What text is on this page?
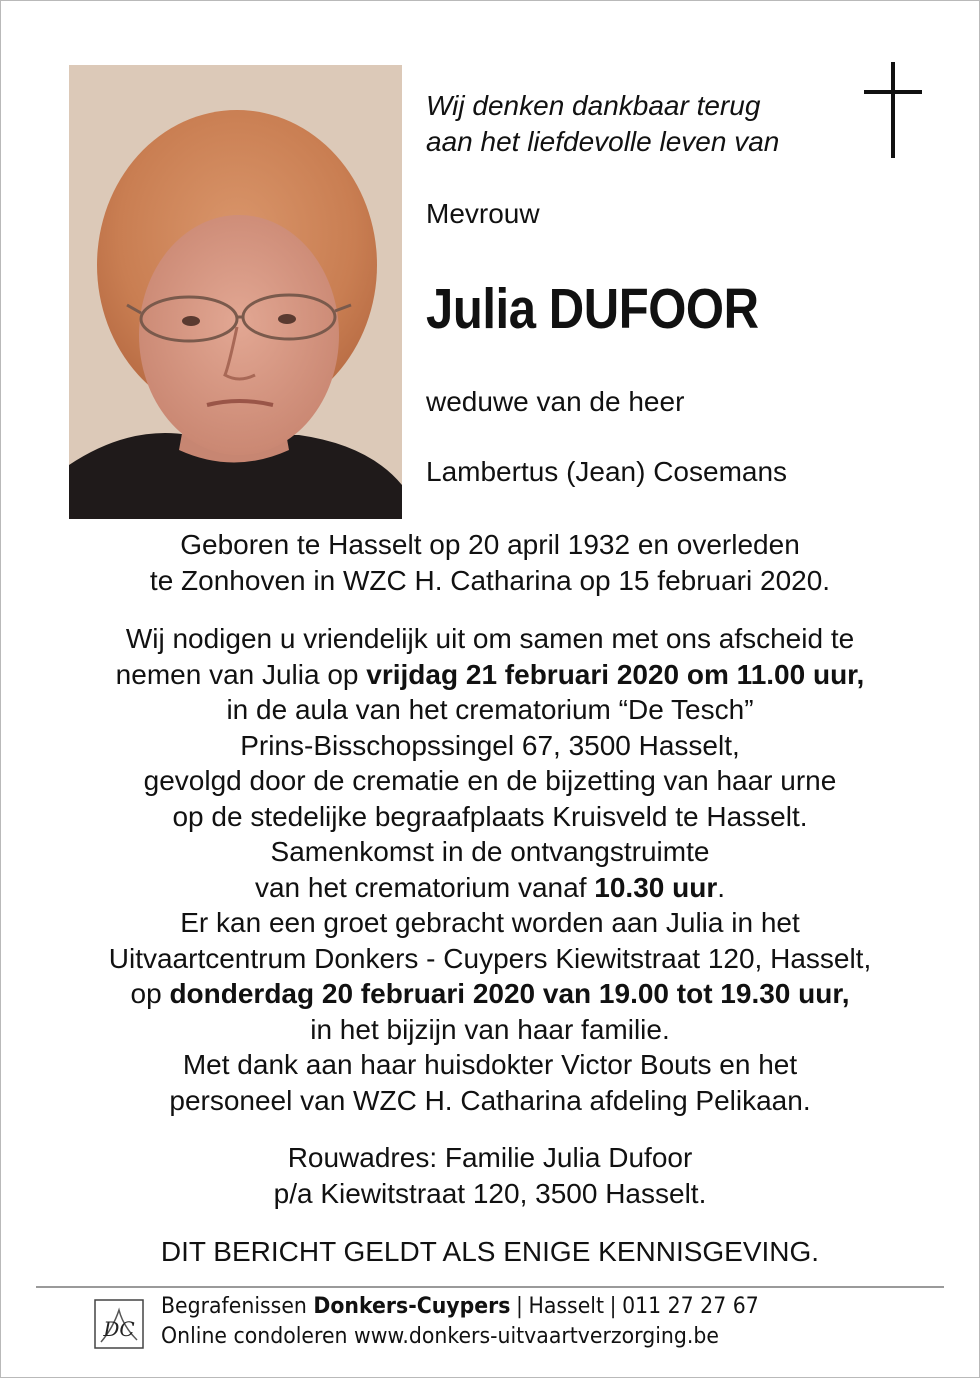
Wij denken dankbaar terug
aan het liefdevolle leven van
Mevrouw
Julia DUFOOR
weduwe van de heer
Lambertus (Jean) Cosemans
Geboren te Hasselt op 20 april 1932 en overleden
te Zonhoven in WZC H. Catharina op 15 februari 2020.
Wij nodigen u vriendelijk uit om samen met ons afscheid te
nemen van Julia op vrijdag 21 februari 2020 om 11.00 uur,
in de aula van het crematorium “De Tesch”
Prins-Bisschopssingel 67, 3500 Hasselt,
gevolgd door de crematie en de bijzetting van haar urne
op de stedelijke begraafplaats Kruisveld te Hasselt.
Samenkomst in de ontvangstruimte
van het crematorium vanaf 10.30 uur.
Er kan een groet gebracht worden aan Julia in het
Uitvaartcentrum Donkers - Cuypers Kiewitstraat 120, Hasselt,
op donderdag 20 februari 2020 van 19.00 tot 19.30 uur,
in het bijzijn van haar familie.
Met dank aan haar huisdokter Victor Bouts en het
personeel van WZC H. Catharina afdeling Pelikaan.
Rouwadres: Familie Julia Dufoor
p/a Kiewitstraat 120, 3500 Hasselt.
DIT BERICHT GELDT ALS ENIGE KENNISGEVING.
DC
Begrafenissen Donkers-Cuypers | Hasselt | 011 27 27 67
Online condoleren www.donkers-uitvaartverzorging.be
